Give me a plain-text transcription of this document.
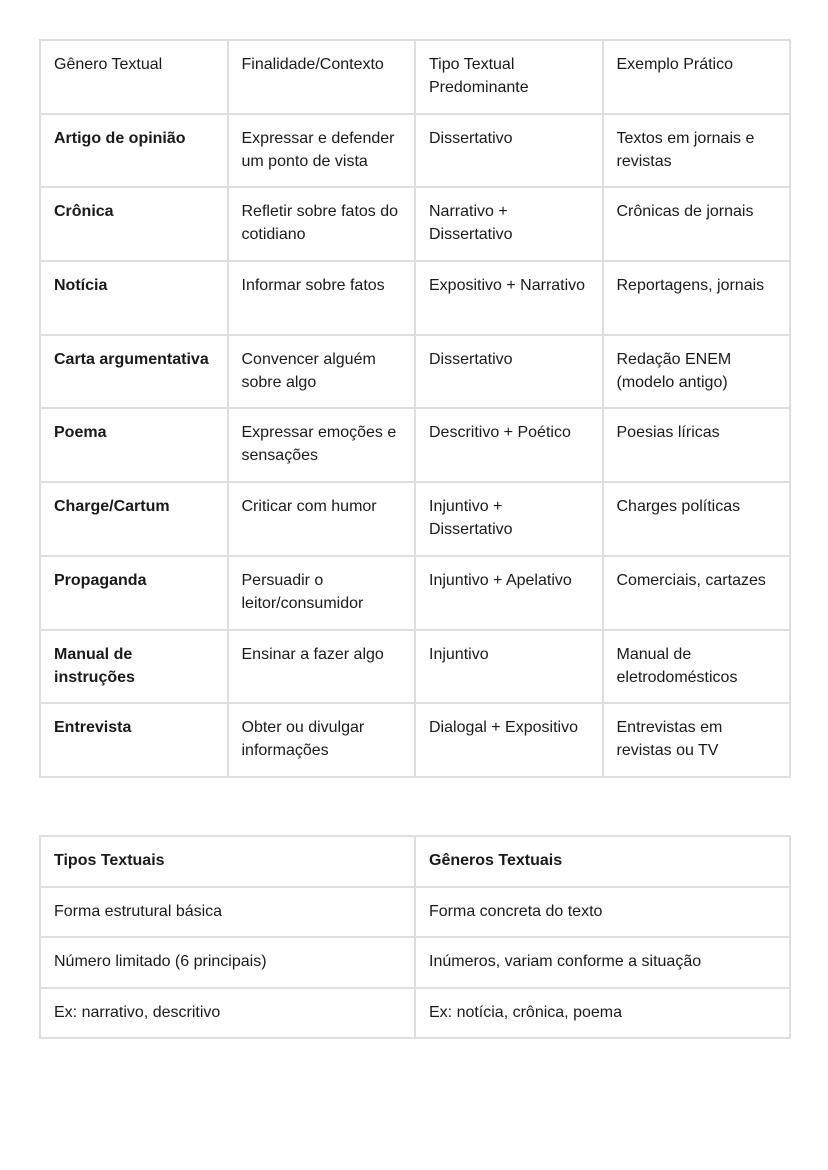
Gênero Textual	Finalidade/Contexto	Tipo Textual Predominante	Exemplo Prático
Artigo de opinião	Expressar e defender um ponto de vista	Dissertativo	Textos em jornais e revistas
Crônica	Refletir sobre fatos do cotidiano	Narrativo + Dissertativo	Crônicas de jornais
Notícia	Informar sobre fatos	Expositivo + Narrativo	Reportagens, jornais
Carta argumentativa	Convencer alguém sobre algo	Dissertativo	Redação ENEM (modelo antigo)
Poema	Expressar emoções e sensações	Descritivo + Poético	Poesias líricas
Charge/Cartum	Criticar com humor	Injuntivo + Dissertativo	Charges políticas
Propaganda	Persuadir o leitor/consumidor	Injuntivo + Apelativo	Comerciais, cartazes
Manual de instruções	Ensinar a fazer algo	Injuntivo	Manual de eletrodomésticos
Entrevista	Obter ou divulgar informações	Dialogal + Expositivo	Entrevistas em revistas ou TV
Tipos Textuais	Gêneros Textuais
Forma estrutural básica	Forma concreta do texto
Número limitado (6 principais)	Inúmeros, variam conforme a situação
Ex: narrativo, descritivo	Ex: notícia, crônica, poema
